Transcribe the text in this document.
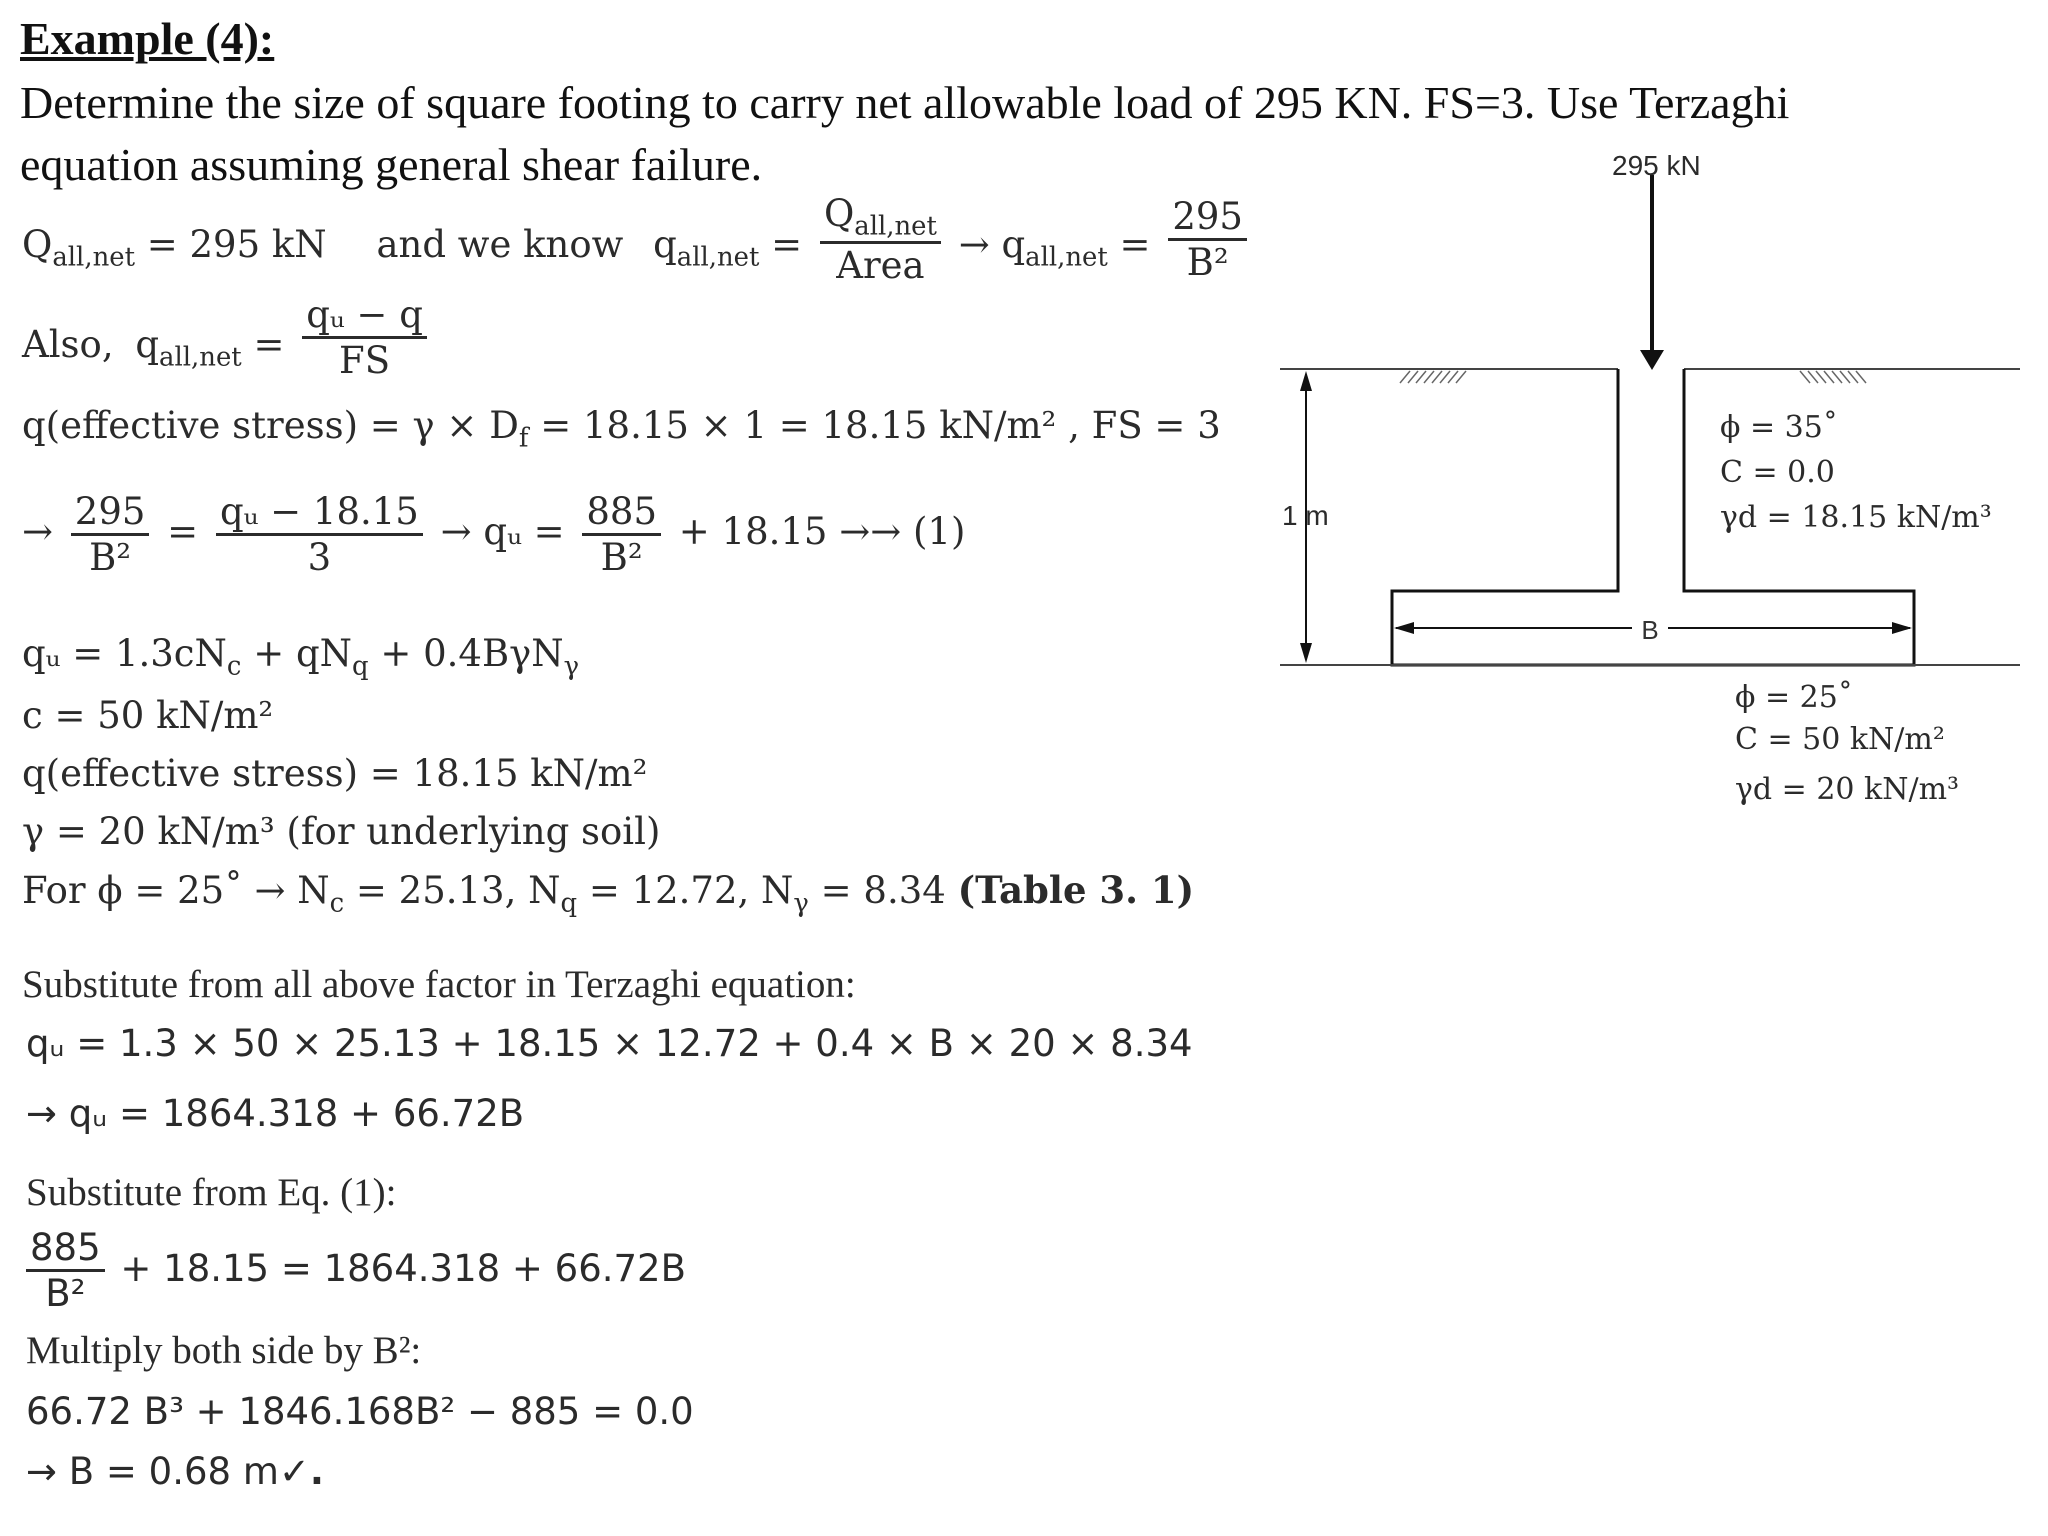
Example (4):
Determine the size of square footing to carry net allowable load of 295 KN. FS=3. Use Terzaghi
equation assuming general shear failure.
$Q_{all,net} = 295$ kN and we know $q_{all,net} = \frac{Q_{all,net}}{\text{Area}} \to q_{all,net} = \frac{295}{\text{B²}}$
Also, $q_{all,net} = \frac{\text{qᵤ − q}}{FS}$
q(effective stress) = $\gamma \times D_f = 18.15 \times 1 = 18.15$ kN/m² , FS = 3
→ $\frac{295}{\text{B²}} = \frac{\text{qᵤ − 18.15}}{3}$ → qᵤ = $\frac{885}{\text{B²}} + 18.15 \to\to (1)$
qᵤ = $1.3cN_c + qN_q + 0.4B\gamma N_\gamma$
c = 50 kN/m²
q(effective stress) = 18.15 kN/m²
γ = 20 kN/m³ (for underlying soil)
For ϕ = 25˚ → $N_c = 25.13$, $N_q = 12.72$, $N_\gamma = 8.34$ (Table 3. 1)
Substitute from all above factor in Terzaghi equation:
qᵤ = 1.3 × 50 × 25.13 + 18.15 × 12.72 + 0.4 × B × 20 × 8.34
→ qᵤ = 1864.318 + 66.72B
Substitute from Eq. (1):
$\frac{885}{\text{B²}} + 18.15 = 1864.318 + 66.72B$
Multiply both side by B²:
66.72 B³ + 1846.168B² − 885 = 0.0
→ B = 0.68 m✓.
B
295 kN
1 m
ϕ = 35˚
C = 0.0
γd = 18.15 kN/m³
ϕ = 25˚
C = 50 kN/m²
γd = 20 kN/m³
